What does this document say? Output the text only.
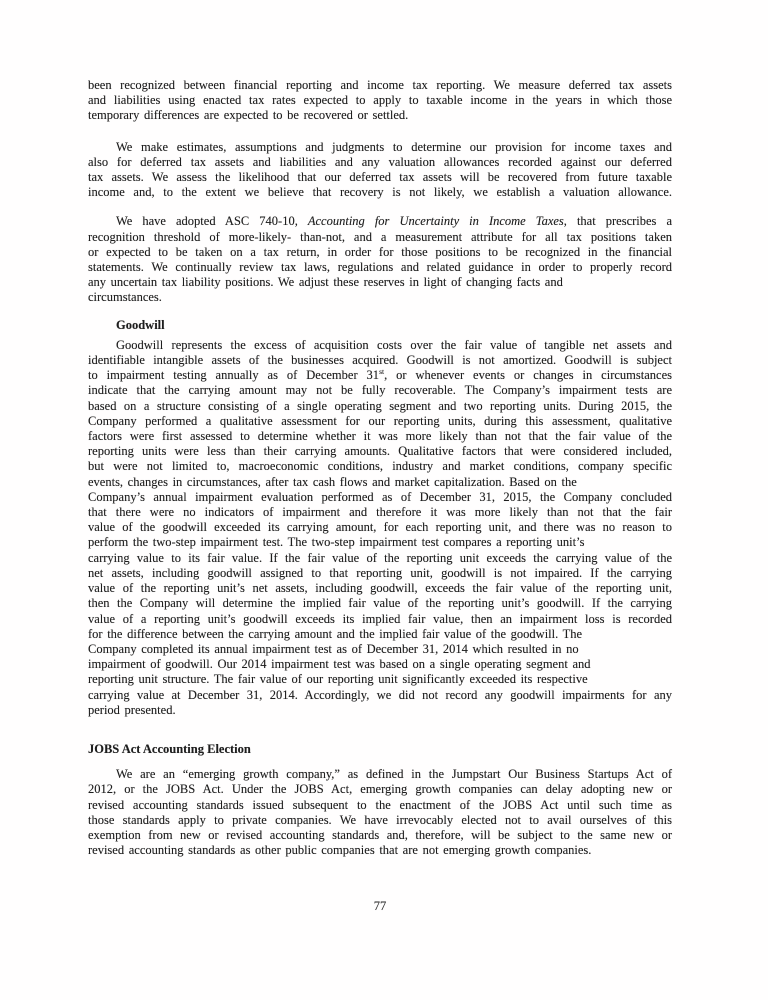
been recognized between financial reporting and income tax reporting. We measure deferred tax assets
and liabilities using enacted tax rates expected to apply to taxable income in the years in which those
temporary differences are expected to be recovered or settled.
We make estimates, assumptions and judgments to determine our provision for income taxes and
also for deferred tax assets and liabilities and any valuation allowances recorded against our deferred
tax assets. We assess the likelihood that our deferred tax assets will be recovered from future taxable
income and, to the extent we believe that recovery is not likely, we establish a valuation allowance.
We have adopted ASC 740-10, Accounting for Uncertainty in Income Taxes, that prescribes a
recognition threshold of more-likely- than-not, and a measurement attribute for all tax positions taken
or expected to be taken on a tax return, in order for those positions to be recognized in the financial
statements. We continually review tax laws, regulations and related guidance in order to properly record
any uncertain tax liability positions. We adjust these reserves in light of changing facts and
circumstances.
Goodwill
Goodwill represents the excess of acquisition costs over the fair value of tangible net assets and
identifiable intangible assets of the businesses acquired. Goodwill is not amortized. Goodwill is subject
to impairment testing annually as of December 31st, or whenever events or changes in circumstances
indicate that the carrying amount may not be fully recoverable. The Company’s impairment tests are
based on a structure consisting of a single operating segment and two reporting units. During 2015, the
Company performed a qualitative assessment for our reporting units, during this assessment, qualitative
factors were first assessed to determine whether it was more likely than not that the fair value of the
reporting units were less than their carrying amounts. Qualitative factors that were considered included,
but were not limited to, macroeconomic conditions, industry and market conditions, company specific
events, changes in circumstances, after tax cash flows and market capitalization. Based on the
Company’s annual impairment evaluation performed as of December 31, 2015, the Company concluded
that there were no indicators of impairment and therefore it was more likely than not that the fair
value of the goodwill exceeded its carrying amount, for each reporting unit, and there was no reason to
perform the two-step impairment test. The two-step impairment test compares a reporting unit’s
carrying value to its fair value. If the fair value of the reporting unit exceeds the carrying value of the
net assets, including goodwill assigned to that reporting unit, goodwill is not impaired. If the carrying
value of the reporting unit’s net assets, including goodwill, exceeds the fair value of the reporting unit,
then the Company will determine the implied fair value of the reporting unit’s goodwill. If the carrying
value of a reporting unit’s goodwill exceeds its implied fair value, then an impairment loss is recorded
for the difference between the carrying amount and the implied fair value of the goodwill. The
Company completed its annual impairment test as of December 31, 2014 which resulted in no
impairment of goodwill. Our 2014 impairment test was based on a single operating segment and
reporting unit structure. The fair value of our reporting unit significantly exceeded its respective
carrying value at December 31, 2014. Accordingly, we did not record any goodwill impairments for any
period presented.
JOBS Act Accounting Election
We are an “emerging growth company,” as defined in the Jumpstart Our Business Startups Act of
2012, or the JOBS Act. Under the JOBS Act, emerging growth companies can delay adopting new or
revised accounting standards issued subsequent to the enactment of the JOBS Act until such time as
those standards apply to private companies. We have irrevocably elected not to avail ourselves of this
exemption from new or revised accounting standards and, therefore, will be subject to the same new or
revised accounting standards as other public companies that are not emerging growth companies.
77
